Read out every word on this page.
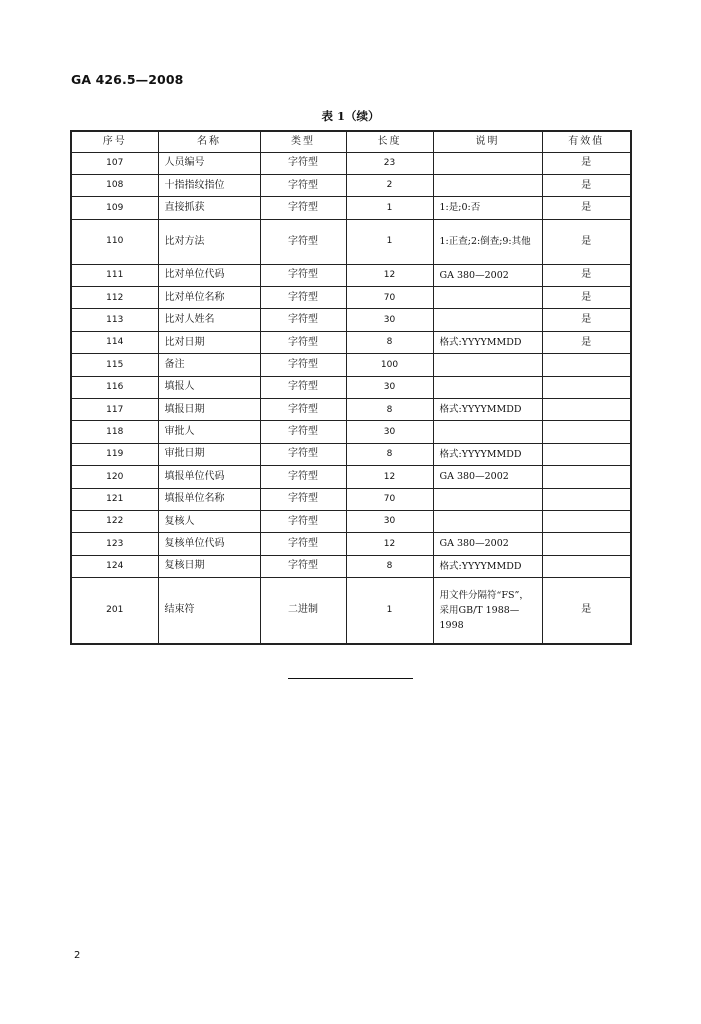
GA 426.5—2008
表 1（续）
序号	名称	类型	长度	说明	有效值
107	人员编号	字符型	23		是
108	十指指纹指位	字符型	2		是
109	直接抓获	字符型	1	1:是;0:否	是
110	比对方法	字符型	1	1:正查;2:倒查;9:其他	是
111	比对单位代码	字符型	12	GA 380—2002	是
112	比对单位名称	字符型	70		是
113	比对人姓名	字符型	30		是
114	比对日期	字符型	8	格式:YYYYMMDD	是
115	备注	字符型	100		
116	填报人	字符型	30		
117	填报日期	字符型	8	格式:YYYYMMDD	
118	审批人	字符型	30		
119	审批日期	字符型	8	格式:YYYYMMDD	
120	填报单位代码	字符型	12	GA 380—2002	
121	填报单位名称	字符型	70		
122	复核人	字符型	30		
123	复核单位代码	字符型	12	GA 380—2002	
124	复核日期	字符型	8	格式:YYYYMMDD	
201	结束符	二进制	1	用文件分隔符“FS”，采用GB/T 1988—1998	是
2
